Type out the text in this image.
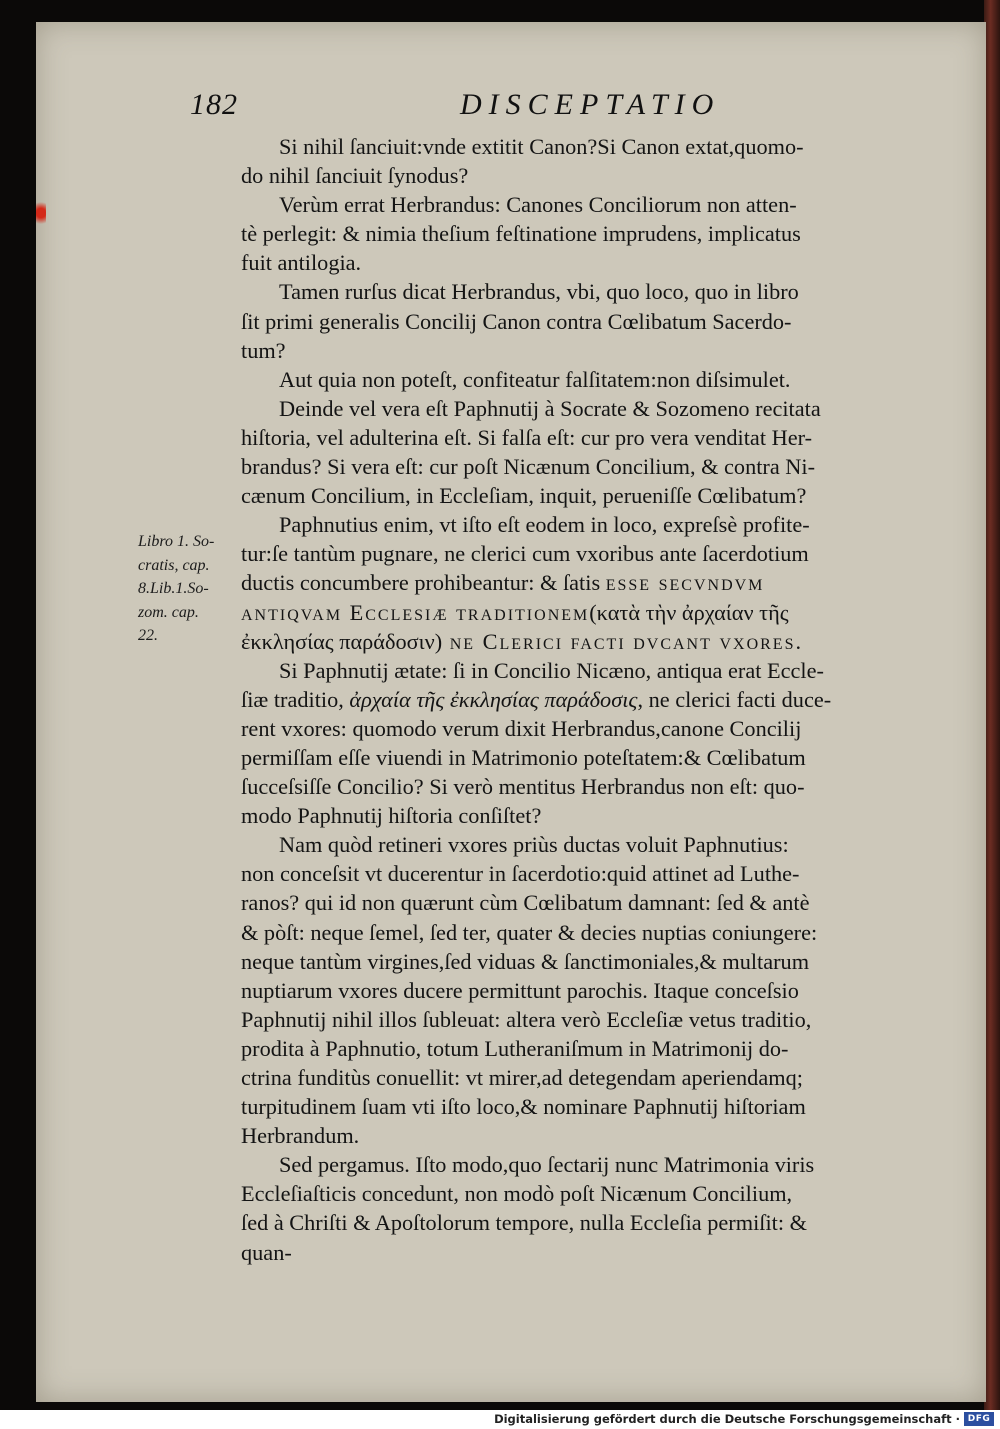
182	DISCEPTATIO
Libro 1. So-
cratis, cap.
8.Lib.1.So-
zom. cap.
22.
Si nihil ſanciuit:vnde extitit Canon?Si Canon extat,quomo-
do nihil ſanciuit ſynodus?
Verùm errat Herbrandus: Canones Conciliorum non atten-
tè perlegit: & nimia theſium feſtinatione imprudens, implicatus
fuit antilogia.
Tamen rurſus dicat Herbrandus, vbi, quo loco, quo in libro
ſit primi generalis Concilij Canon contra Cœlibatum Sacerdo-
tum?
Aut quia non poteſt, confiteatur falſitatem:non diſsimulet.
Deinde vel vera eſt Paphnutij à Socrate & Sozomeno recitata
hiſtoria, vel adulterina eſt. Si falſa eſt: cur pro vera venditat Her-
brandus? Si vera eſt: cur poſt Nicænum Concilium, & contra Ni-
cænum Concilium, in Eccleſiam, inquit, perueniſſe Cœlibatum?
Paphnutius enim, vt iſto eſt eodem in loco, expreſsè profite-
tur:ſe tantùm pugnare, ne clerici cum vxoribus ante ſacerdotium
ductis concumbere prohibeantur: & ſatis esse secvndvm
antiqvam Ecclesiæ traditionem(κατὰ τὴν ἀρχαίαν τῆς
ἐκκλησίας παράδοσιν) ne Clerici facti dvcant vxores.
Si Paphnutij ætate: ſi in Concilio Nicæno, antiqua erat Eccle-
ſiæ traditio, ἀρχαία τῆς ἐκκλησίας παράδοσις, ne clerici facti duce-
rent vxores: quomodo verum dixit Herbrandus,canone Concilij
permiſſam eſſe viuendi in Matrimonio poteſtatem:& Cœlibatum
ſucceſsiſſe Concilio? Si verò mentitus Herbrandus non eſt: quo-
modo Paphnutij hiſtoria conſiſtet?
Nam quòd retineri vxores priùs ductas voluit Paphnutius:
non conceſsit vt ducerentur in ſacerdotio:quid attinet ad Luthe-
ranos? qui id non quærunt cùm Cœlibatum damnant: ſed & antè
& pòſt: neque ſemel, ſed ter, quater & decies nuptias coniungere:
neque tantùm virgines,ſed viduas & ſanctimoniales,& multarum
nuptiarum vxores ducere permittunt parochis. Itaque conceſsio
Paphnutij nihil illos ſubleuat: altera verò Eccleſiæ vetus traditio,
prodita à Paphnutio, totum Lutheraniſmum in Matrimonij do-
ctrina funditùs conuellit: vt mirer,ad detegendam aperiendamq;
turpitudinem ſuam vti iſto loco,& nominare Paphnutij hiſtoriam
Herbrandum.
Sed pergamus. Iſto modo,quo ſectarij nunc Matrimonia viris
Eccleſiaſticis concedunt, non modò poſt Nicænum Concilium,
ſed à Chriſti & Apoſtolorum tempore, nulla Eccleſia permiſit: &
quan-
Digitalisierung gefördert durch die Deutsche Forschungsgemeinschaft · DFG
